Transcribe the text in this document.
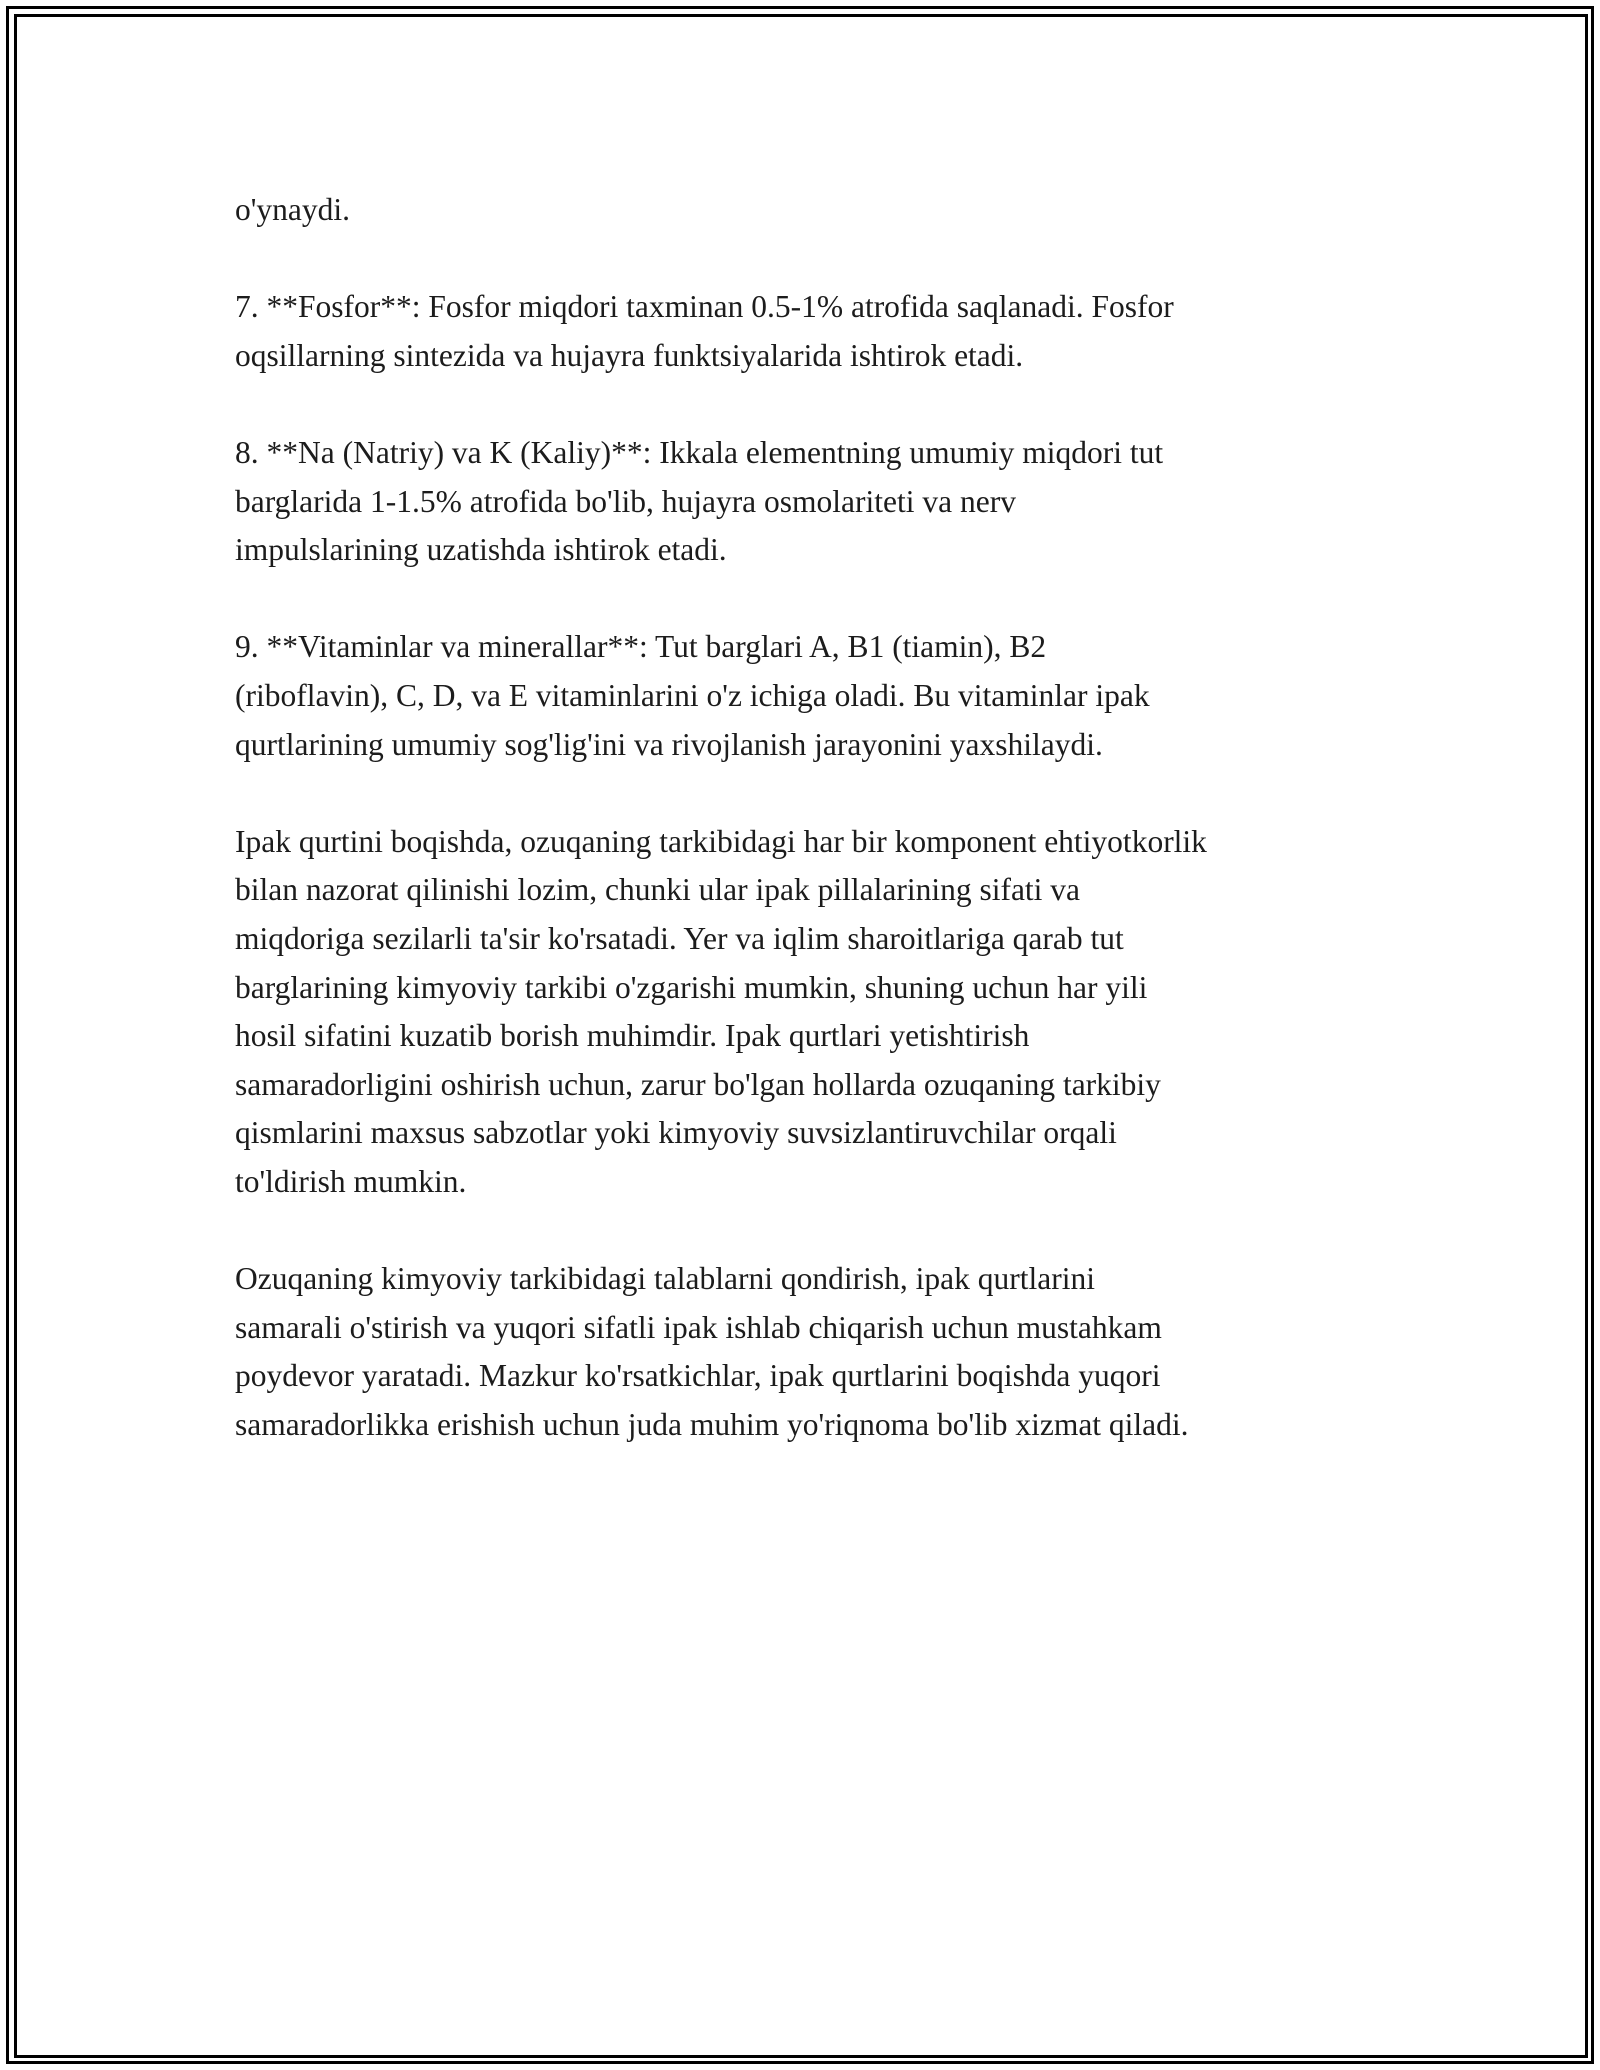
o'ynaydi.

7. **Fosfor**: Fosfor miqdori taxminan 0.5-1% atrofida saqlanadi. Fosfor
oqsillarning sintezida va hujayra funktsiyalarida ishtirok etadi.

8. **Na (Natriy) va K (Kaliy)**: Ikkala elementning umumiy miqdori tut
barglarida 1-1.5% atrofida bo'lib, hujayra osmolariteti va nerv
impulslarining uzatishda ishtirok etadi.

9. **Vitaminlar va minerallar**: Tut barglari A, B1 (tiamin), B2
(riboflavin), C, D, va E vitaminlarini o'z ichiga oladi. Bu vitaminlar ipak
qurtlarining umumiy sog'lig'ini va rivojlanish jarayonini yaxshilaydi.

Ipak qurtini boqishda, ozuqaning tarkibidagi har bir komponent ehtiyotkorlik
bilan nazorat qilinishi lozim, chunki ular ipak pillalarining sifati va
miqdoriga sezilarli ta'sir ko'rsatadi. Yer va iqlim sharoitlariga qarab tut
barglarining kimyoviy tarkibi o'zgarishi mumkin, shuning uchun har yili
hosil sifatini kuzatib borish muhimdir. Ipak qurtlari yetishtirish
samaradorligini oshirish uchun, zarur bo'lgan hollarda ozuqaning tarkibiy
qismlarini maxsus sabzotlar yoki kimyoviy suvsizlantiruvchilar orqali
to'ldirish mumkin.

Ozuqaning kimyoviy tarkibidagi talablarni qondirish, ipak qurtlarini
samarali o'stirish va yuqori sifatli ipak ishlab chiqarish uchun mustahkam
poydevor yaratadi. Mazkur ko'rsatkichlar, ipak qurtlarini boqishda yuqori
samaradorlikka erishish uchun juda muhim yo'riqnoma bo'lib xizmat qiladi.
